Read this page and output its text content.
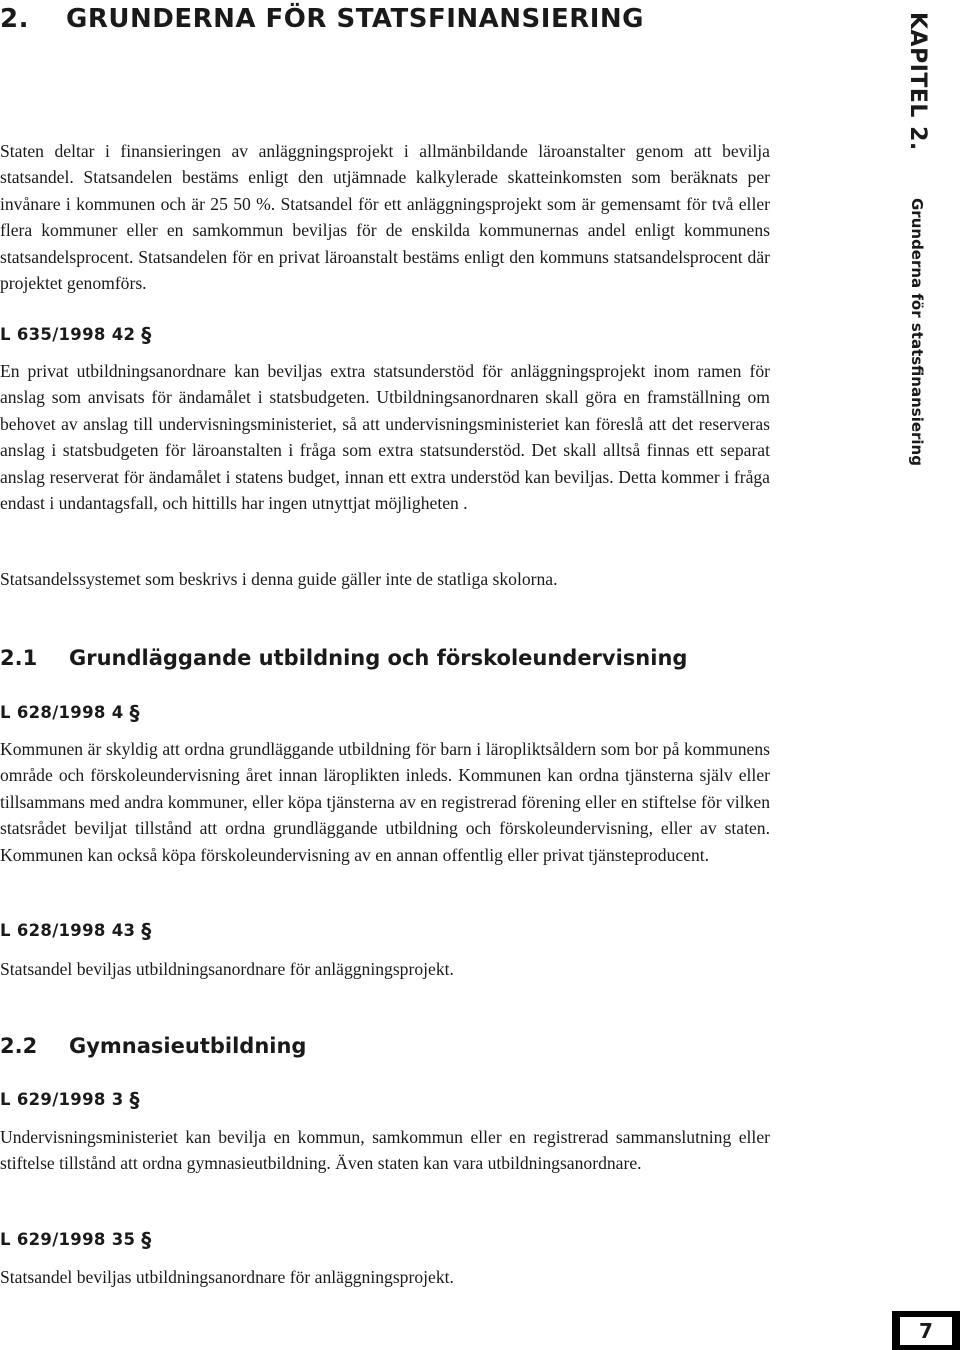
2. GRUNDERNA FÖR STATSFINANSIERING

Staten deltar i finansieringen av anläggningsprojekt i allmänbildande läroanstalter genom att bevilja statsandel. Statsandelen bestäms enligt den utjämnade kalkylerade skatteinkomsten som beräknats per invånare i kommunen och är 25 50 %. Statsandel för ett anläggningsprojekt som är gemensamt för två eller flera kommuner eller en samkommun beviljas för de enskilda kommunernas andel enligt kommunens statsandelsprocent. Statsandelen för en privat läroanstalt bestäms enligt den kommuns statsandelsprocent där projektet genomförs.

L 635/1998 42 §

En privat utbildningsanordnare kan beviljas extra statsunderstöd för anläggningsprojekt inom ramen för anslag som anvisats för ändamålet i statsbudgeten. Utbildningsanordnaren skall göra en framställning om behovet av anslag till undervisningsministeriet, så att undervisningsministeriet kan föreslå att det reserveras anslag i statsbudgeten för läroanstalten i fråga som extra statsunderstöd. Det skall alltså finnas ett separat anslag reserverat för ändamålet i statens budget, innan ett extra understöd kan beviljas. Detta kommer i fråga endast i undantagsfall, och hittills har ingen utnyttjat möjligheten .

Statsandelssystemet som beskrivs i denna guide gäller inte de statliga skolorna.

2.1 Grundläggande utbildning och förskoleundervisning
L 628/1998 4 §

Kommunen är skyldig att ordna grundläggande utbildning för barn i läropliktsåldern som bor på kommunens område och förskoleundervisning året innan läroplikten inleds. Kommunen kan ordna tjänsterna själv eller tillsammans med andra kommuner, eller köpa tjänsterna av en registrerad förening eller en stiftelse för vilken statsrådet beviljat tillstånd att ordna grundläggande utbildning och förskoleundervisning, eller av staten. Kommunen kan också köpa förskoleundervisning av en annan offentlig eller privat tjänsteproducent.

L 628/1998 43 §

Statsandel beviljas utbildningsanordnare för anläggningsprojekt.

2.2 Gymnasieutbildning
L 629/1998 3 §

Undervisningsministeriet kan bevilja en kommun, samkommun eller en registrerad sammanslutning eller stiftelse tillstånd att ordna gymnasieutbildning. Även staten kan vara utbildningsanordnare.

L 629/1998 35 §

Statsandel beviljas utbildningsanordnare för anläggningsprojekt.

KAPITEL 2.
Grunderna för statsfinansiering
7
